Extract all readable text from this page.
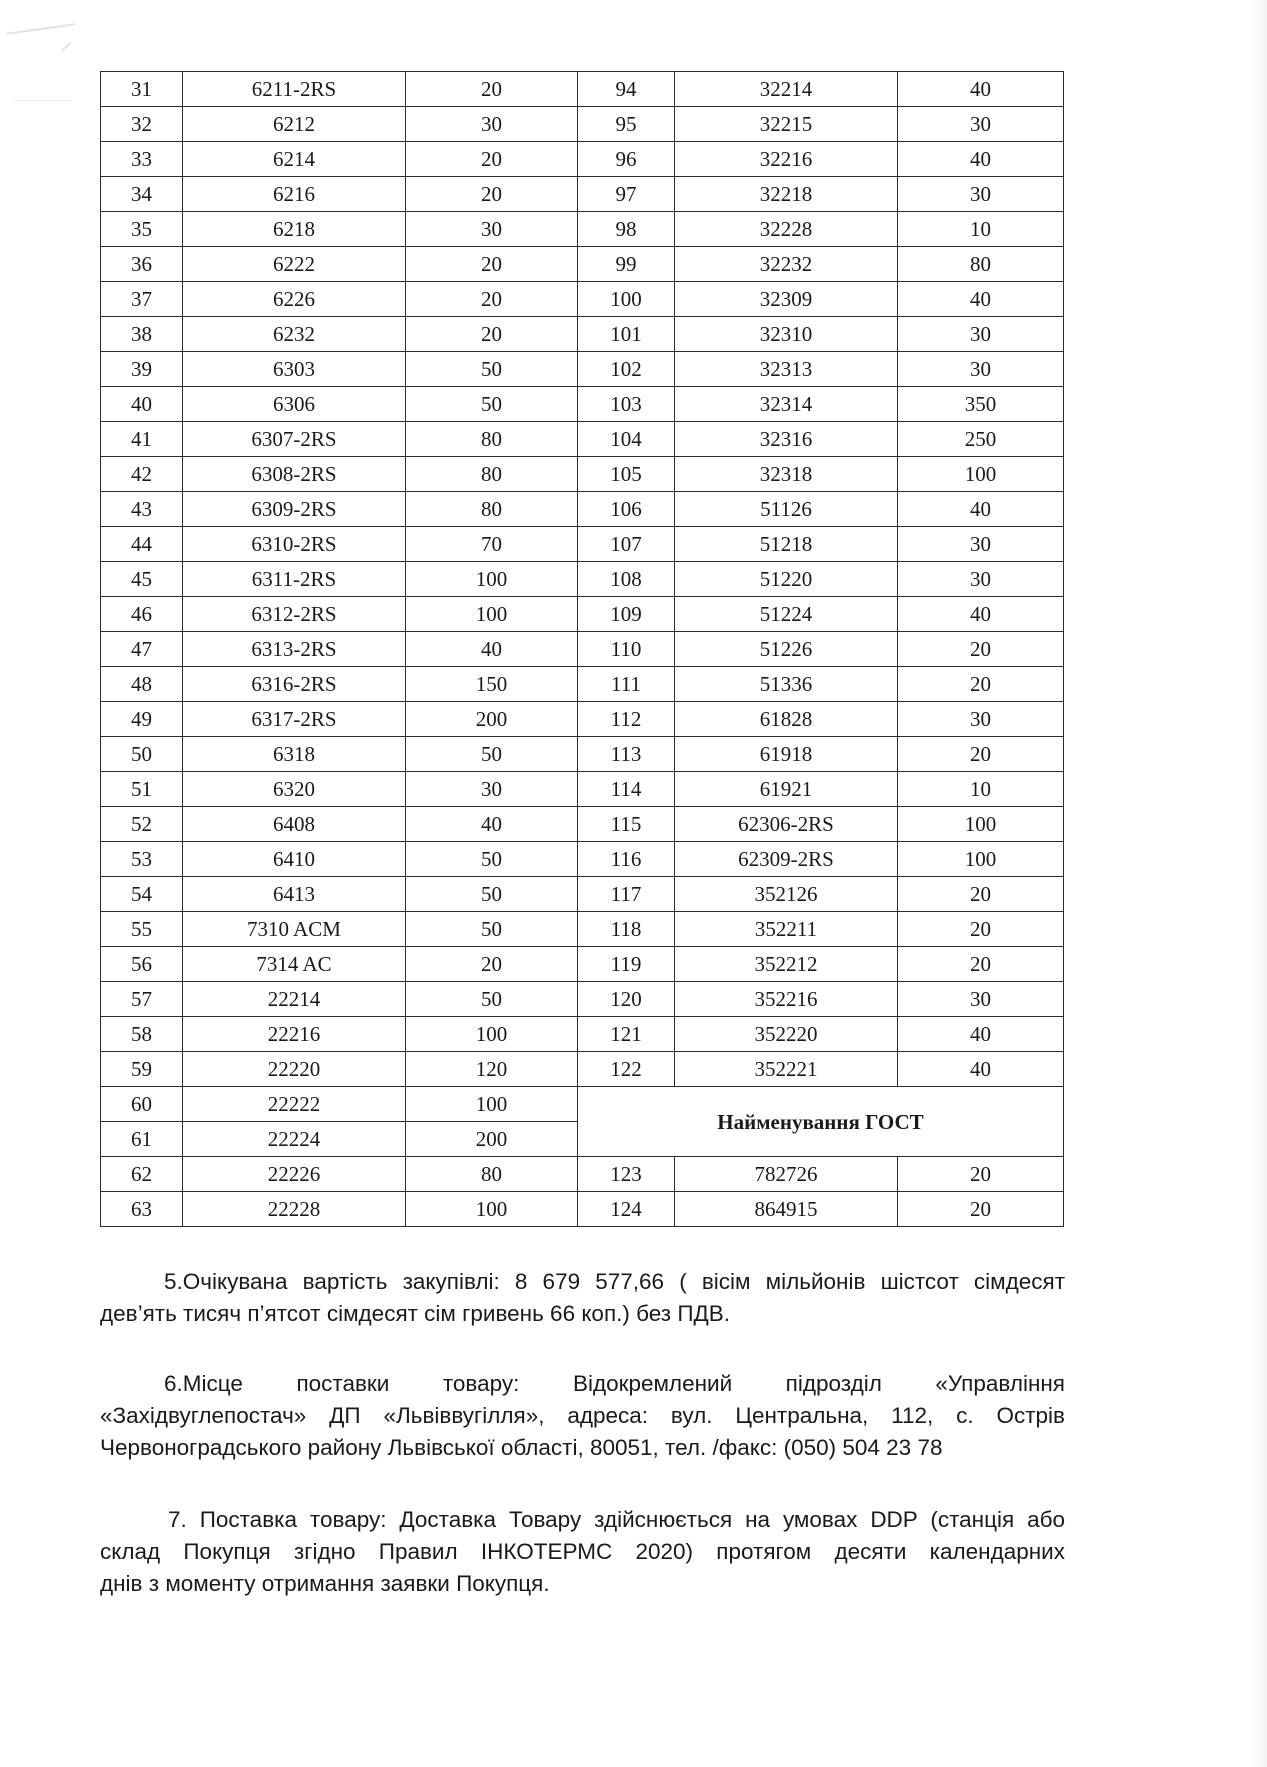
31	6211-2RS	20	94	32214	40
32	6212	30	95	32215	30
33	6214	20	96	32216	40
34	6216	20	97	32218	30
35	6218	30	98	32228	10
36	6222	20	99	32232	80
37	6226	20	100	32309	40
38	6232	20	101	32310	30
39	6303	50	102	32313	30
40	6306	50	103	32314	350
41	6307-2RS	80	104	32316	250
42	6308-2RS	80	105	32318	100
43	6309-2RS	80	106	51126	40
44	6310-2RS	70	107	51218	30
45	6311-2RS	100	108	51220	30
46	6312-2RS	100	109	51224	40
47	6313-2RS	40	110	51226	20
48	6316-2RS	150	111	51336	20
49	6317-2RS	200	112	61828	30
50	6318	50	113	61918	20
51	6320	30	114	61921	10
52	6408	40	115	62306-2RS	100
53	6410	50	116	62309-2RS	100
54	6413	50	117	352126	20
55	7310 ACM	50	118	352211	20
56	7314 AC	20	119	352212	20
57	22214	50	120	352216	30
58	22216	100	121	352220	40
59	22220	120	122	352221	40
60	22222	100	Найменування ГОСТ		
61	22224	200			
62	22226	80	123	782726	20
63	22228	100	124	864915	20
5.Очікувана вартість закупівлі: 8 679 577,66 ( вісім мільйонів шістсот сімдесят
дев’ять тисяч п’ятсот сімдесят сім гривень 66 коп.) без ПДВ.
6.Місце поставки товару: Відокремлений підрозділ «Управління
«Західвуглепостач» ДП «Львіввугілля», адреса: вул. Центральна, 112, с. Острів
Червоноградського району Львівської області, 80051, тел. /факс: (050) 504 23 78
7. Поставка товару: Доставка Товару здійснюється на умовах DDP (станція або
склад Покупця згідно Правил ІНКОТЕРМС 2020) протягом десяти календарних
днів з моменту отримання заявки Покупця.
